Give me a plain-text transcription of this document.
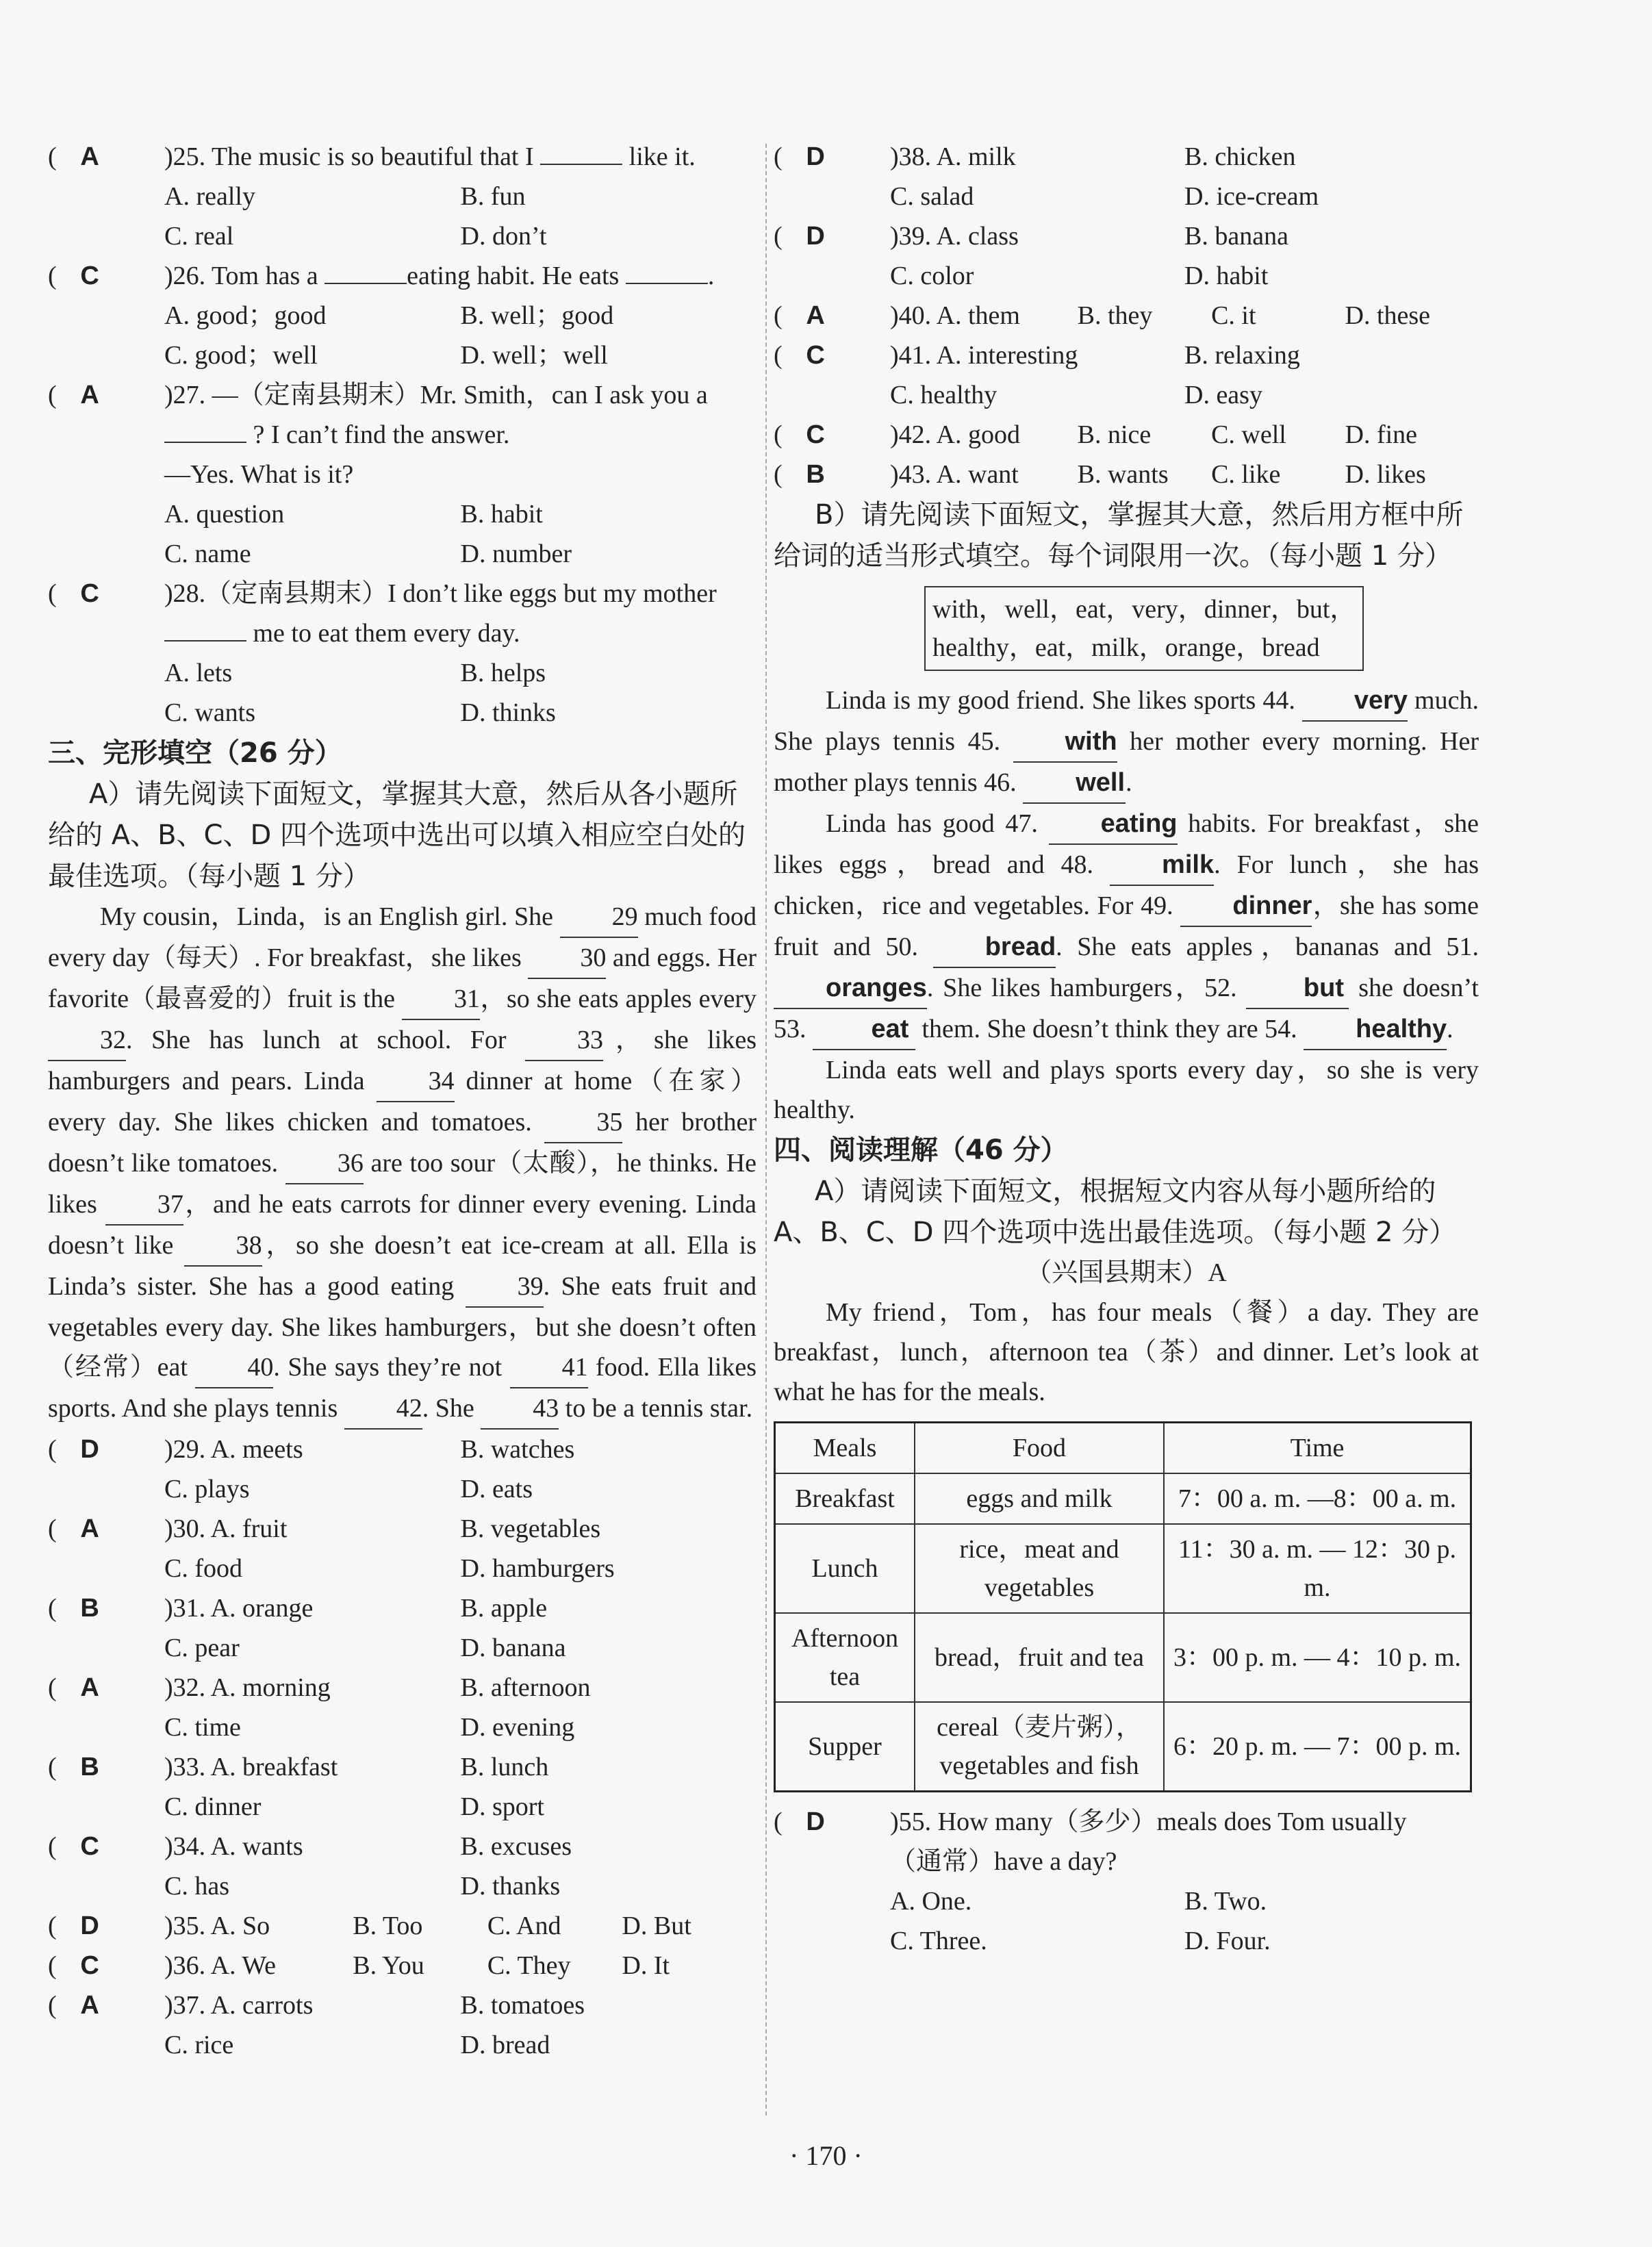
( A	)25. The music is so beautiful that I	like it.
A. really	B. fun
C. real	D. don’t
( C	)26. Tom has a	eating habit. He eats	.
A. good；good	B. well；good
C. good；well	D. well；well
( A	)27. —（定南县期末）Mr. Smith，can I ask you a
? I can’t find the answer.
—Yes. What is it?
A. question	B. habit
C. name	D. number
( C	)28.（定南县期末）I don’t like eggs but my mother
me to eat them every day.
A. lets	B. helps
C. wants	D. thinks
三、完形填空（26 分）
A）请先阅读下面短文，掌握其大意，然后从各小题所给的 A、B、C、D 四个选项中选出可以填入相应空白处的最佳选项。（每小题 1 分）
My cousin，Linda，is an English girl. She 29 much food every day（每天）. For breakfast，she likes 30 and eggs. Her favorite（最喜爱的）fruit is the 31，so she eats apples every 32. She has lunch at school. For 33，she likes hamburgers and pears. Linda 34 dinner at home（在家）every day. She likes chicken and tomatoes. 35 her brother doesn’t like tomatoes. 36 are too sour（太酸），he thinks. He likes 37，and he eats carrots for dinner every evening. Linda doesn’t like 38，so she doesn’t eat ice-cream at all. Ella is Linda’s sister. She has a good eating 39. She eats fruit and vegetables every day. She likes hamburgers，but she doesn’t often（经常）eat 40. She says they’re not 41 food. Ella likes sports. And she plays tennis 42. She 43 to be a tennis star.
( D	)29. A. meets	B. watches
C. plays	D. eats
( A	)30. A. fruit	B. vegetables
C. food	D. hamburgers
( B	)31. A. orange	B. apple
C. pear	D. banana
( A	)32. A. morning	B. afternoon
C. time	D. evening
( B	)33. A. breakfast	B. lunch
C. dinner	D. sport
( C	)34. A. wants	B. excuses
C. has	D. thanks
( D	)35. A. So	B. Too	C. And	D. But
( C	)36. A. We	B. You	C. They	D. It
( A	)37. A. carrots	B. tomatoes
C. rice	D. bread
( D	)38. A. milk	B. chicken
C. salad	D. ice-cream
( D	)39. A. class	B. banana
C. color	D. habit
( A	)40. A. them	B. they	C. it	D. these
( C	)41. A. interesting	B. relaxing
C. healthy	D. easy
( C	)42. A. good	B. nice	C. well	D. fine
( B	)43. A. want	B. wants	C. like	D. likes
B）请先阅读下面短文，掌握其大意，然后用方框中所给词的适当形式填空。每个词限用一次。（每小题 1 分）
with，well，eat，very，dinner，but，
healthy，eat，milk，orange，bread
Linda is my good friend. She likes sports 44. very much. She plays tennis 45. with her mother every morning. Her mother plays tennis 46. well.
Linda has good 47. eating habits. For breakfast，she likes eggs，bread and 48. milk. For lunch，she has chicken，rice and vegetables. For 49. dinner，she has some fruit and 50. bread. She eats apples，bananas and 51. oranges. She likes hamburgers，52. but she doesn’t 53. eat them. She doesn’t think they are 54. healthy.
Linda eats well and plays sports every day，so she is very healthy.
四、阅读理解（46 分）
A）请阅读下面短文，根据短文内容从每小题所给的 A、B、C、D 四个选项中选出最佳选项。（每小题 2 分）
（兴国县期末）A
My friend，Tom，has four meals（餐）a day. They are breakfast，lunch，afternoon tea（茶）and dinner. Let’s look at what he has for the meals.
Meals	Food	Time
Breakfast	eggs and milk	7：00 a. m. —8：00 a. m.
Lunch	rice，meat and vegetables	11：30 a. m. — 12：30 p. m.
Afternoon tea	bread，fruit and tea	3：00 p. m. — 4：10 p. m.
Supper	cereal（麦片粥），vegetables and fish	6：20 p. m. — 7：00 p. m.
( D	)55. How many（多少）meals does Tom usually
（通常）have a day?
A. One.	B. Two.
C. Three.	D. Four.
· 170 ·
